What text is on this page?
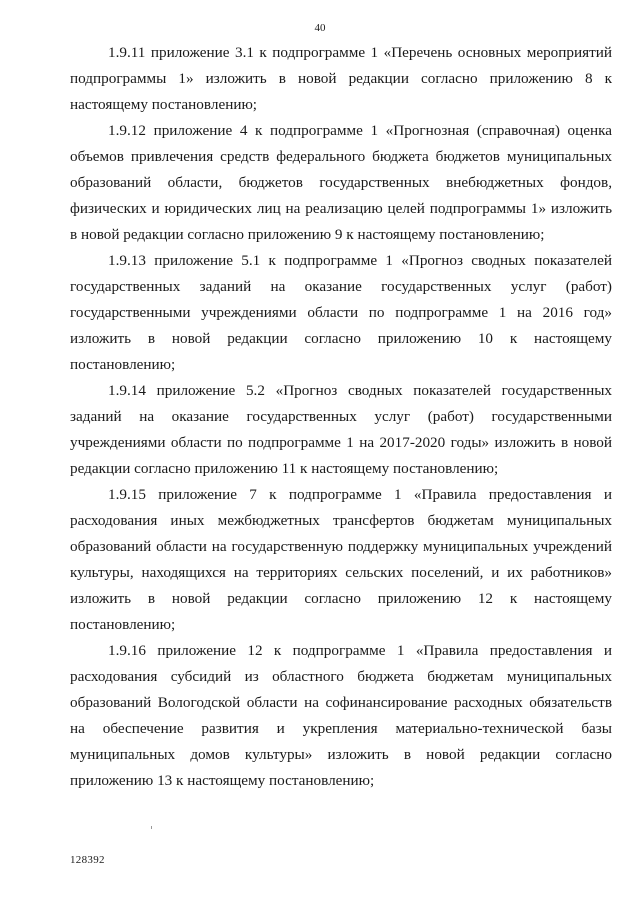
40

1.9.11 приложение 3.1 к подпрограмме 1 «Перечень основных мероприятий подпрограммы 1» изложить в новой редакции согласно приложению 8 к настоящему постановлению;

1.9.12 приложение 4 к подпрограмме 1 «Прогнозная (справочная) оценка объемов привлечения средств федерального бюджета бюджетов муниципальных образований области, бюджетов государственных внебюджетных фондов, физических и юридических лиц на реализацию целей подпрограммы 1» изложить в новой редакции согласно приложению 9 к настоящему постановлению;

1.9.13 приложение 5.1 к подпрограмме 1 «Прогноз сводных показателей государственных заданий на оказание государственных услуг (работ) государственными учреждениями области по подпрограмме 1 на 2016 год» изложить в новой редакции согласно приложению 10 к настоящему постановлению;

1.9.14 приложение 5.2 «Прогноз сводных показателей государственных заданий на оказание государственных услуг (работ) государственными учреждениями области по подпрограмме 1 на 2017-2020 годы» изложить в новой редакции согласно приложению 11 к настоящему постановлению;

1.9.15 приложение 7 к подпрограмме 1 «Правила предоставления и расходования иных межбюджетных трансфертов бюджетам муниципальных образований области на государственную поддержку муниципальных учреждений культуры, находящихся на территориях сельских поселений, и их работников» изложить в новой редакции согласно приложению 12 к настоящему постановлению;

1.9.16 приложение 12 к подпрограмме 1 «Правила предоставления и расходования субсидий из областного бюджета бюджетам муниципальных образований Вологодской области на софинансирование расходных обязательств на обеспечение развития и укрепления материально-технической базы муниципальных домов культуры» изложить в новой редакции согласно приложению 13 к настоящему постановлению;

128392
